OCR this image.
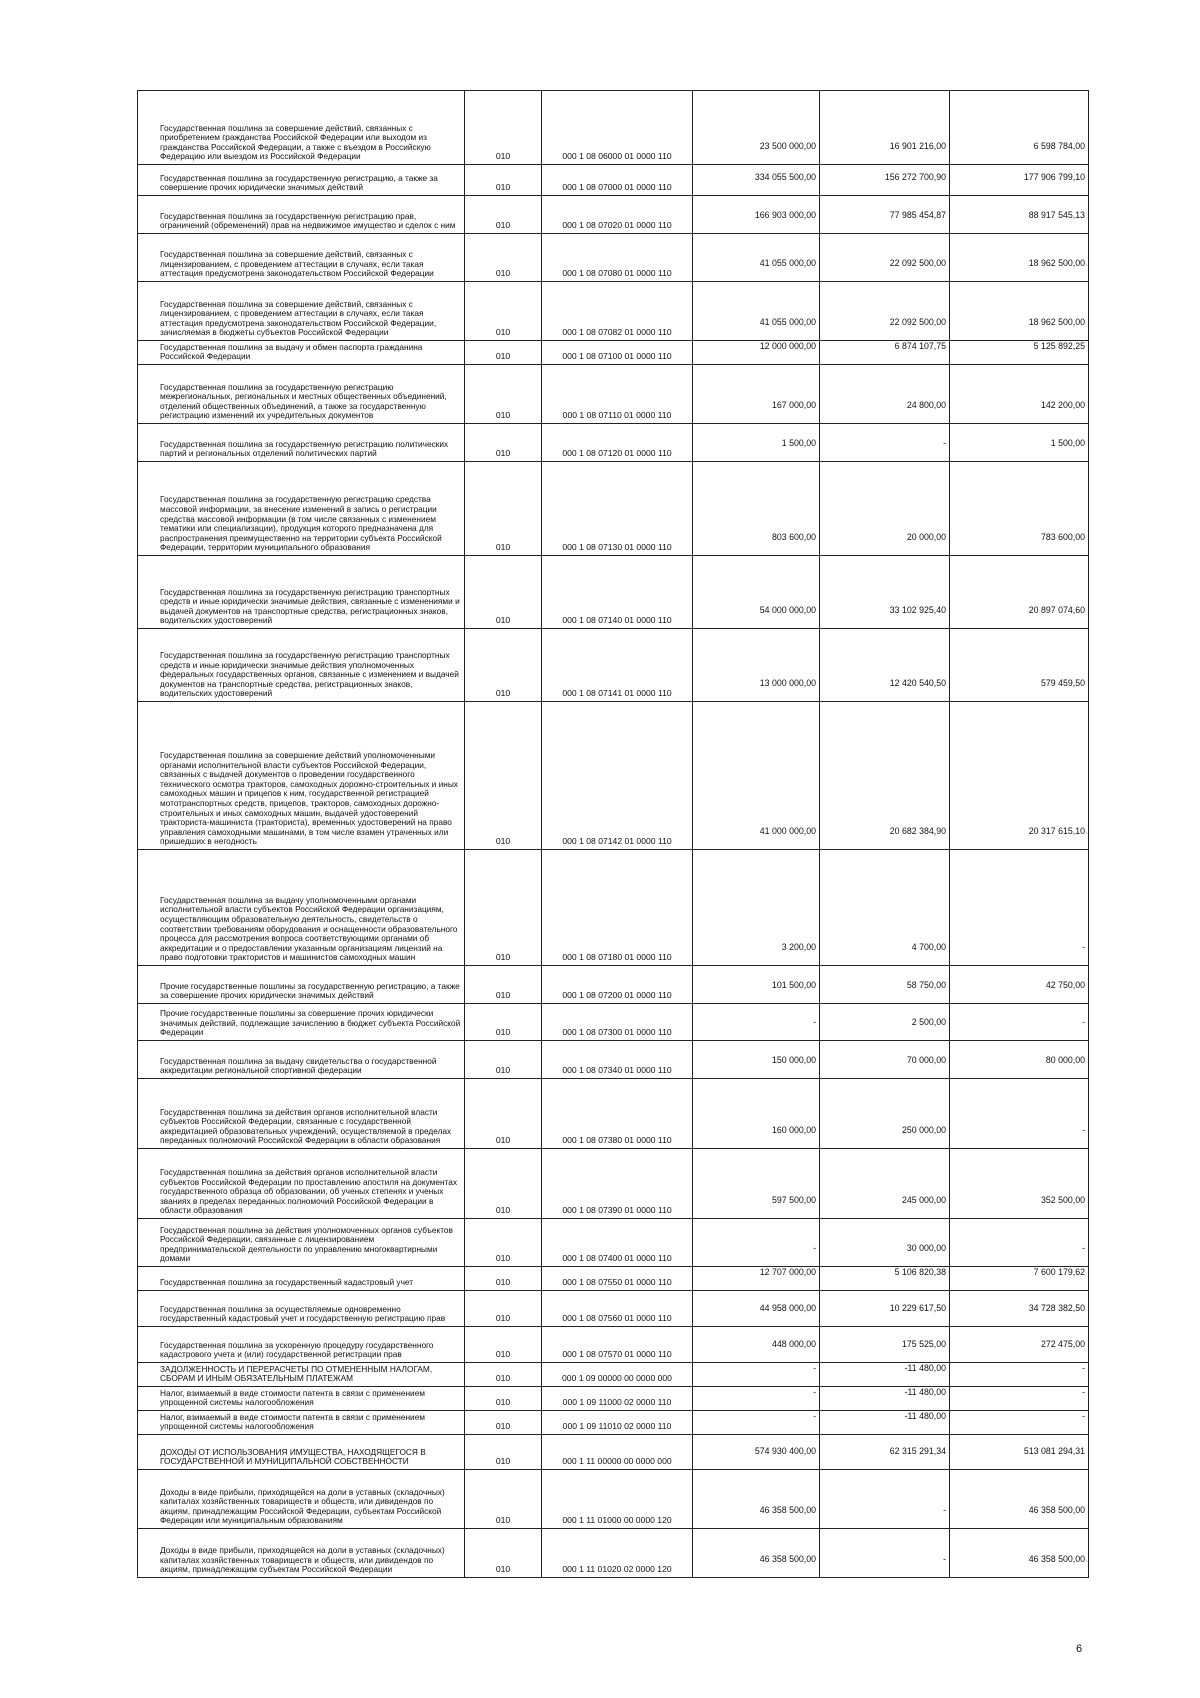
Государственная пошлина за совершение действий, связанных с приобретением гражданства Российской Федерации или выходом из гражданства Российской Федерации, а также с въездом в Российскую Федерацию или выездом из Российской Федерации	010	000 1 08 06000 01 0000 110	23 500 000,00	16 901 216,00	6 598 784,00
Государственная пошлина за государственную регистрацию, а также за совершение прочих юридически значимых действий	010	000 1 08 07000 01 0000 110	334 055 500,00	156 272 700,90	177 906 799,10
Государственная пошлина за государственную регистрацию прав, ограничений (обременений) прав на недвижимое имущество и сделок с ним	010	000 1 08 07020 01 0000 110	166 903 000,00	77 985 454,87	88 917 545,13
Государственная пошлина за совершение действий, связанных с лицензированием, с проведением аттестации в случаях, если такая аттестация предусмотрена законодательством Российской Федерации	010	000 1 08 07080 01 0000 110	41 055 000,00	22 092 500,00	18 962 500,00
Государственная пошлина за совершение действий, связанных с лицензированием, с проведением аттестации в случаях, если такая аттестация предусмотрена законодательством Российской Федерации, зачисляемая в бюджеты субъектов Российской Федерации	010	000 1 08 07082 01 0000 110	41 055 000,00	22 092 500,00	18 962 500,00
Государственная пошлина за выдачу и обмен паспорта гражданина Российской Федерации	010	000 1 08 07100 01 0000 110	12 000 000,00	6 874 107,75	5 125 892,25
Государственная пошлина за государственную регистрацию межрегиональных, региональных и местных общественных объединений, отделений общественных объединений, а также за государственную регистрацию изменений их учредительных документов	010	000 1 08 07110 01 0000 110	167 000,00	24 800,00	142 200,00
Государственная пошлина за государственную регистрацию политических партий и региональных отделений политических партий	010	000 1 08 07120 01 0000 110	1 500,00	-	1 500,00
Государственная пошлина за государственную регистрацию средства массовой информации, за внесение изменений в запись о регистрации средства массовой информации (в том числе связанных с изменением тематики или специализации), продукция которого предназначена для распространения преимущественно на территории субъекта Российской Федерации, территории муниципального образования	010	000 1 08 07130 01 0000 110	803 600,00	20 000,00	783 600,00
Государственная пошлина за государственную регистрацию транспортных средств и иные юридически значимые действия, связанные с изменениями и выдачей документов на транспортные средства, регистрационных знаков, водительских удостоверений	010	000 1 08 07140 01 0000 110	54 000 000,00	33 102 925,40	20 897 074,60
Государственная пошлина за государственную регистрацию транспортных средств и иные юридически значимые действия уполномоченных федеральных государственных органов, связанные с изменением и выдачей документов на транспортные средства, регистрационных знаков, водительских удостоверений	010	000 1 08 07141 01 0000 110	13 000 000,00	12 420 540,50	579 459,50
Государственная пошлина за совершение действий уполномоченными органами исполнительной власти субъектов Российской Федерации, связанных с выдачей документов о проведении государственного технического осмотра тракторов, самоходных дорожно-строительных и иных самоходных машин и прицепов к ним, государственной регистрацией мототранспортных средств, прицепов, тракторов, самоходных дорожно-строительных и иных самоходных машин, выдачей удостоверений тракториста-машиниста (тракториста), временных удостоверений на право управления самоходными машинами, в том числе взамен утраченных или пришедших в негодность	010	000 1 08 07142 01 0000 110	41 000 000,00	20 682 384,90	20 317 615,10
Государственная пошлина за выдачу уполномоченными органами исполнительной власти субъектов Российской Федерации организациям, осуществляющим образовательную деятельность, свидетельств о соответствии требованиям оборудования и оснащенности образовательного процесса для рассмотрения вопроса соответствующими органами об аккредитации и о предоставлении указанным организациям лицензий на право подготовки трактористов и машинистов самоходных машин	010	000 1 08 07180 01 0000 110	3 200,00	4 700,00	-
Прочие государственные пошлины за государственную регистрацию, а также за совершение прочих юридически значимых действий	010	000 1 08 07200 01 0000 110	101 500,00	58 750,00	42 750,00
Прочие государственные пошлины за совершение прочих юридически значимых действий, подлежащие зачислению в бюджет субъекта Российской Федерации	010	000 1 08 07300 01 0000 110	-	2 500,00	-
Государственная пошлина за выдачу свидетельства о государственной аккредитации региональной спортивной федерации	010	000 1 08 07340 01 0000 110	150 000,00	70 000,00	80 000,00
Государственная пошлина за действия органов исполнительной власти субъектов Российской Федерации, связанные с государственной аккредитацией образовательных учреждений, осуществляемой в пределах переданных полномочий Российской Федерации в области образования	010	000 1 08 07380 01 0000 110	160 000,00	250 000,00	-
Государственная пошлина за действия органов исполнительной власти субъектов Российской Федерации по проставлению апостиля на документах государственного образца об образовании, об ученых степенях и ученых званиях в пределах переданных полномочий Российской Федерации в области образования	010	000 1 08 07390 01 0000 110	597 500,00	245 000,00	352 500,00
Государственная пошлина за действия уполномоченных органов субъектов Российской Федерации, связанные с лицензированием предпринимательской деятельности по управлению многоквартирными домами	010	000 1 08 07400 01 0000 110	-	30 000,00	-
Государственная пошлина за государственный кадастровый учет	010	000 1 08 07550 01 0000 110	12 707 000,00	5 106 820,38	7 600 179,62
Государственная пошлина за осуществляемые одновременно государственный кадастровый учет и государственную регистрацию прав	010	000 1 08 07560 01 0000 110	44 958 000,00	10 229 617,50	34 728 382,50
Государственная пошлина за ускоренную процедуру государственного кадастрового учета и (или) государственной регистрации прав	010	000 1 08 07570 01 0000 110	448 000,00	175 525,00	272 475,00
ЗАДОЛЖЕННОСТЬ И ПЕРЕРАСЧЕТЫ ПО ОТМЕНЕННЫМ НАЛОГАМ, СБОРАМ И ИНЫМ ОБЯЗАТЕЛЬНЫМ ПЛАТЕЖАМ	010	000 1 09 00000 00 0000 000	-	-11 480,00	-
Налог, взимаемый в виде стоимости патента в связи с применением упрощенной системы налогообложения	010	000 1 09 11000 02 0000 110	-	-11 480,00	-
Налог, взимаемый в виде стоимости патента в связи с применением упрощенной системы налогообложения	010	000 1 09 11010 02 0000 110	-	-11 480,00	-
ДОХОДЫ ОТ ИСПОЛЬЗОВАНИЯ ИМУЩЕСТВА, НАХОДЯЩЕГОСЯ В ГОСУДАРСТВЕННОЙ И МУНИЦИПАЛЬНОЙ СОБСТВЕННОСТИ	010	000 1 11 00000 00 0000 000	574 930 400,00	62 315 291,34	513 081 294,31
Доходы в виде прибыли, приходящейся на доли в уставных (складочных) капиталах хозяйственных товариществ и обществ, или дивидендов по акциям, принадлежащим Российской Федерации, субъектам Российской Федерации или муниципальным образованиям	010	000 1 11 01000 00 0000 120	46 358 500,00	-	46 358 500,00
Доходы в виде прибыли, приходящейся на доли в уставных (складочных) капиталах хозяйственных товариществ и обществ, или дивидендов по акциям, принадлежащим субъектам Российской Федерации	010	000 1 11 01020 02 0000 120	46 358 500,00	-	46 358 500,00
6
